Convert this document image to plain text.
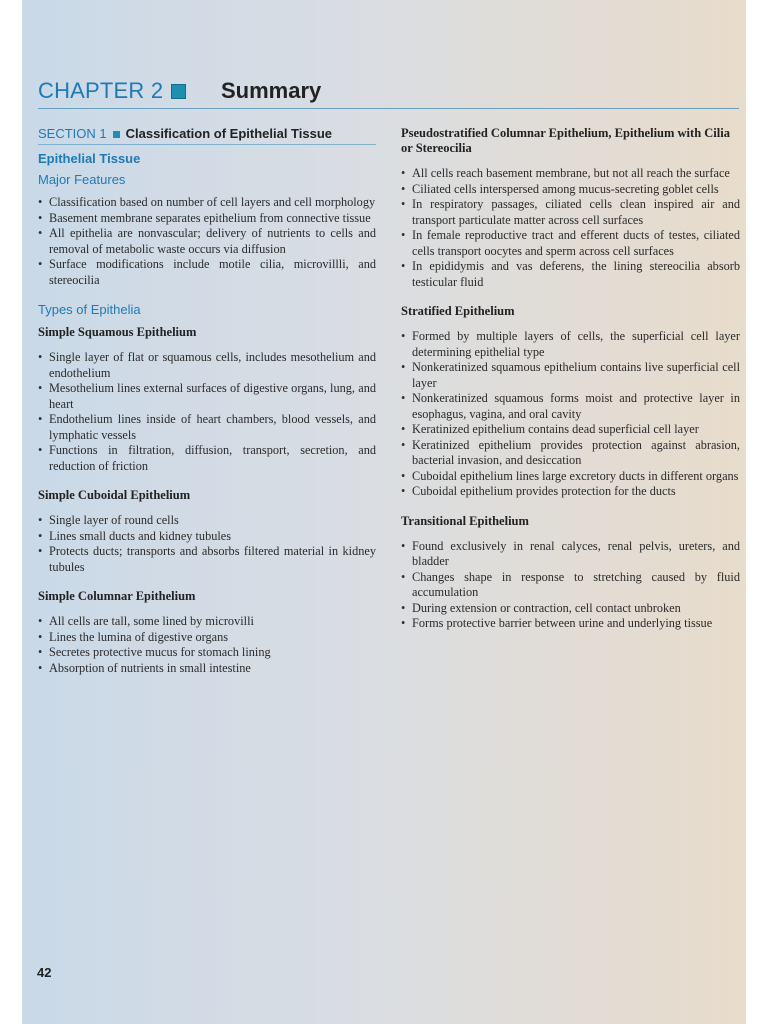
CHAPTER 2	Summary
SECTION 1 Classification of Epithelial Tissue
Epithelial Tissue
Major Features
• Classification based on number of cell layers and cell morphology
• Basement membrane separates epithelium from connective tissue
• All epithelia are nonvascular; delivery of nutrients to cells and removal of metabolic waste occurs via diffusion
• Surface modifications include motile cilia, microvillli, and stereocilia
Types of Epithelia
Simple Squamous Epithelium
• Single layer of flat or squamous cells, includes mesothelium and endothelium
• Mesothelium lines external surfaces of digestive organs, lung, and heart
• Endothelium lines inside of heart chambers, blood vessels, and lymphatic vessels
• Functions in filtration, diffusion, transport, secretion, and reduction of friction
Simple Cuboidal Epithelium
• Single layer of round cells
• Lines small ducts and kidney tubules
• Protects ducts; transports and absorbs filtered material in kidney tubules
Simple Columnar Epithelium
• All cells are tall, some lined by microvilli
• Lines the lumina of digestive organs
• Secretes protective mucus for stomach lining
• Absorption of nutrients in small intestine
Pseudostratified Columnar Epithelium, Epithelium with Cilia or Stereocilia
• All cells reach basement membrane, but not all reach the surface
• Ciliated cells interspersed among mucus-secreting goblet cells
• In respiratory passages, ciliated cells clean inspired air and transport particulate matter across cell surfaces
• In female reproductive tract and efferent ducts of testes, ciliated cells transport oocytes and sperm across cell surfaces
• In epididymis and vas deferens, the lining stereocilia absorb testicular fluid
Stratified Epithelium
• Formed by multiple layers of cells, the superficial cell layer determining epithelial type
• Nonkeratinized squamous epithelium contains live superficial cell layer
• Nonkeratinized squamous forms moist and protective layer in esophagus, vagina, and oral cavity
• Keratinized epithelium contains dead superficial cell layer
• Keratinized epithelium provides protection against abrasion, bacterial invasion, and desiccation
• Cuboidal epithelium lines large excretory ducts in different organs
• Cuboidal epithelium provides protection for the ducts
Transitional Epithelium
• Found exclusively in renal calyces, renal pelvis, ureters, and bladder
• Changes shape in response to stretching caused by fluid accumulation
• During extension or contraction, cell contact unbroken
• Forms protective barrier between urine and underlying tissue
42
